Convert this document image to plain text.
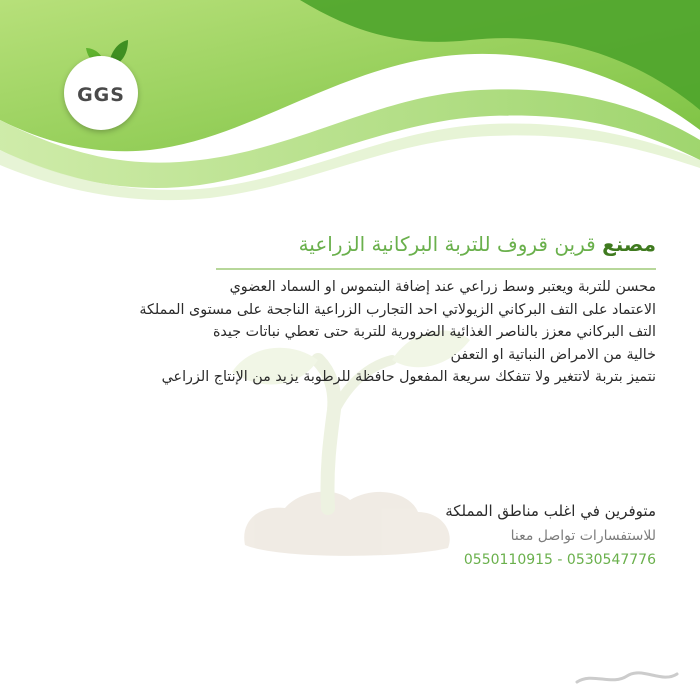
GGS
مصنع قرين قروف للتربة البركانية الزراعية
محسن للتربة ويعتبر وسط زراعي عند إضافة البتموس او السماد العضوي
الاعتماد على التف البركاني الزيولاتي احد التجارب الزراعية الناجحة على مستوى المملكة
التف البركاني معزز بالناصر الغذائية الضرورية للتربة حتى تعطي نباتات جيدة
خالية من الامراض النباتية او التعفن
نتميز بتربة لاتتغير ولا تتفكك سريعة المفعول حافظة للرطوبة يزيد من الإنتاج الزراعي
متوفرين في اغلب مناطق المملكة
للاستفسارات تواصل معنا
0550110915 - 0530547776
